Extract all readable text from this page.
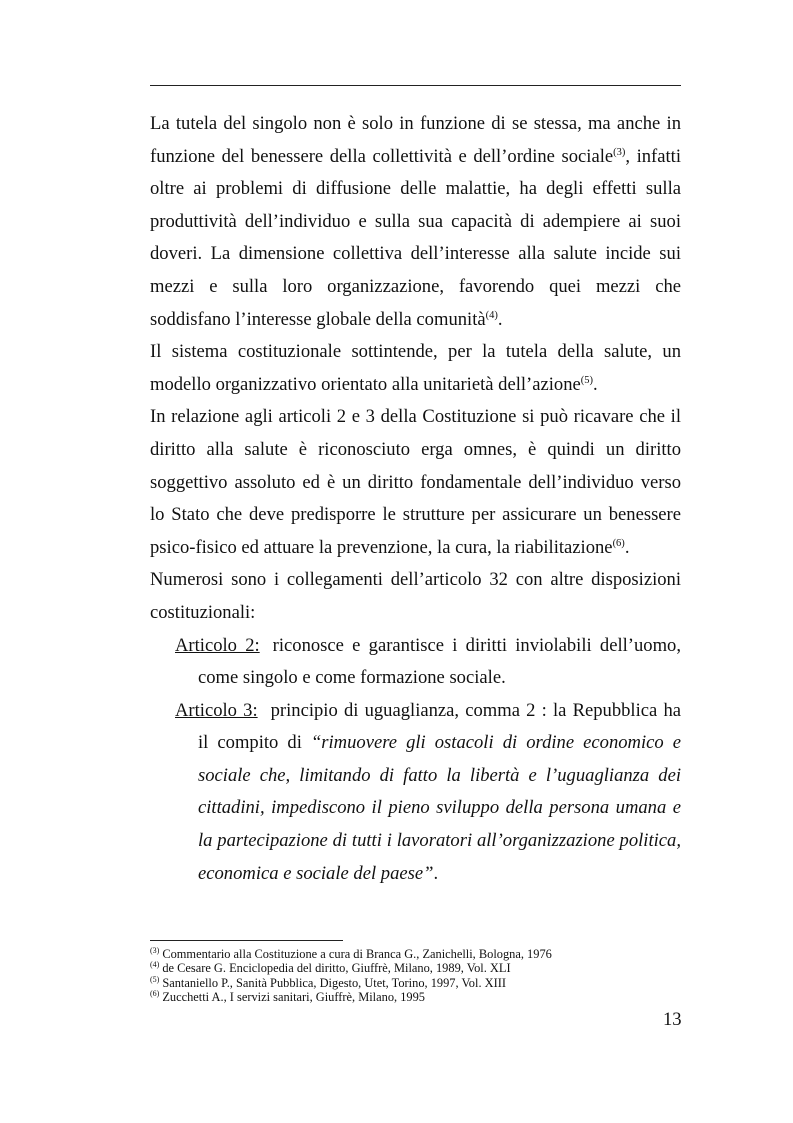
La tutela del singolo non è solo in funzione di se stessa, ma anche in funzione del benessere della collettività e dell’ordine sociale$^{(3)}$, infatti oltre ai problemi di diffusione delle malattie, ha degli effetti sulla produttività dell’individuo e sulla sua capacità di adempiere ai suoi doveri. La dimensione collettiva dell’interesse alla salute incide sui mezzi e sulla loro organizzazione, favorendo quei mezzi che soddisfano l’interesse globale della comunità$^{(4)}$.

Il sistema costituzionale sottintende, per la tutela della salute, un modello organizzativo orientato alla unitarietà dell’azione$^{(5)}$.

In relazione agli articoli 2 e 3 della Costituzione si può ricavare che il diritto alla salute è riconosciuto erga omnes, è quindi un diritto soggettivo assoluto ed è un diritto fondamentale dell’individuo verso lo Stato che deve predisporre le strutture per assicurare un benessere psico-fisico ed attuare la prevenzione, la cura, la riabilitazione$^{(6)}$.

Numerosi sono i collegamenti dell’articolo 32 con altre disposizioni costituzionali:

Articolo 2: riconosce e garantisce i diritti inviolabili dell’uomo, come singolo e come formazione sociale.

Articolo 3: principio di uguaglianza, comma 2 : la Repubblica ha il compito di “rimuovere gli ostacoli di ordine economico e sociale che, limitando di fatto la libertà e l’uguaglianza dei cittadini, impediscono il pieno sviluppo della persona umana e la partecipazione di tutti i lavoratori all’organizzazione politica, economica e sociale del paese”.

$^{(3)}$ Commentario alla Costituzione a cura di Branca G., Zanichelli, Bologna, 1976

$^{(4)}$ de Cesare G. Enciclopedia del diritto, Giuffrè, Milano, 1989, Vol. XLI

$^{(5)}$ Santaniello P., Sanità Pubblica, Digesto, Utet, Torino, 1997, Vol. XIII

$^{(6)}$ Zucchetti A., I servizi sanitari, Giuffrè, Milano, 1995

13
